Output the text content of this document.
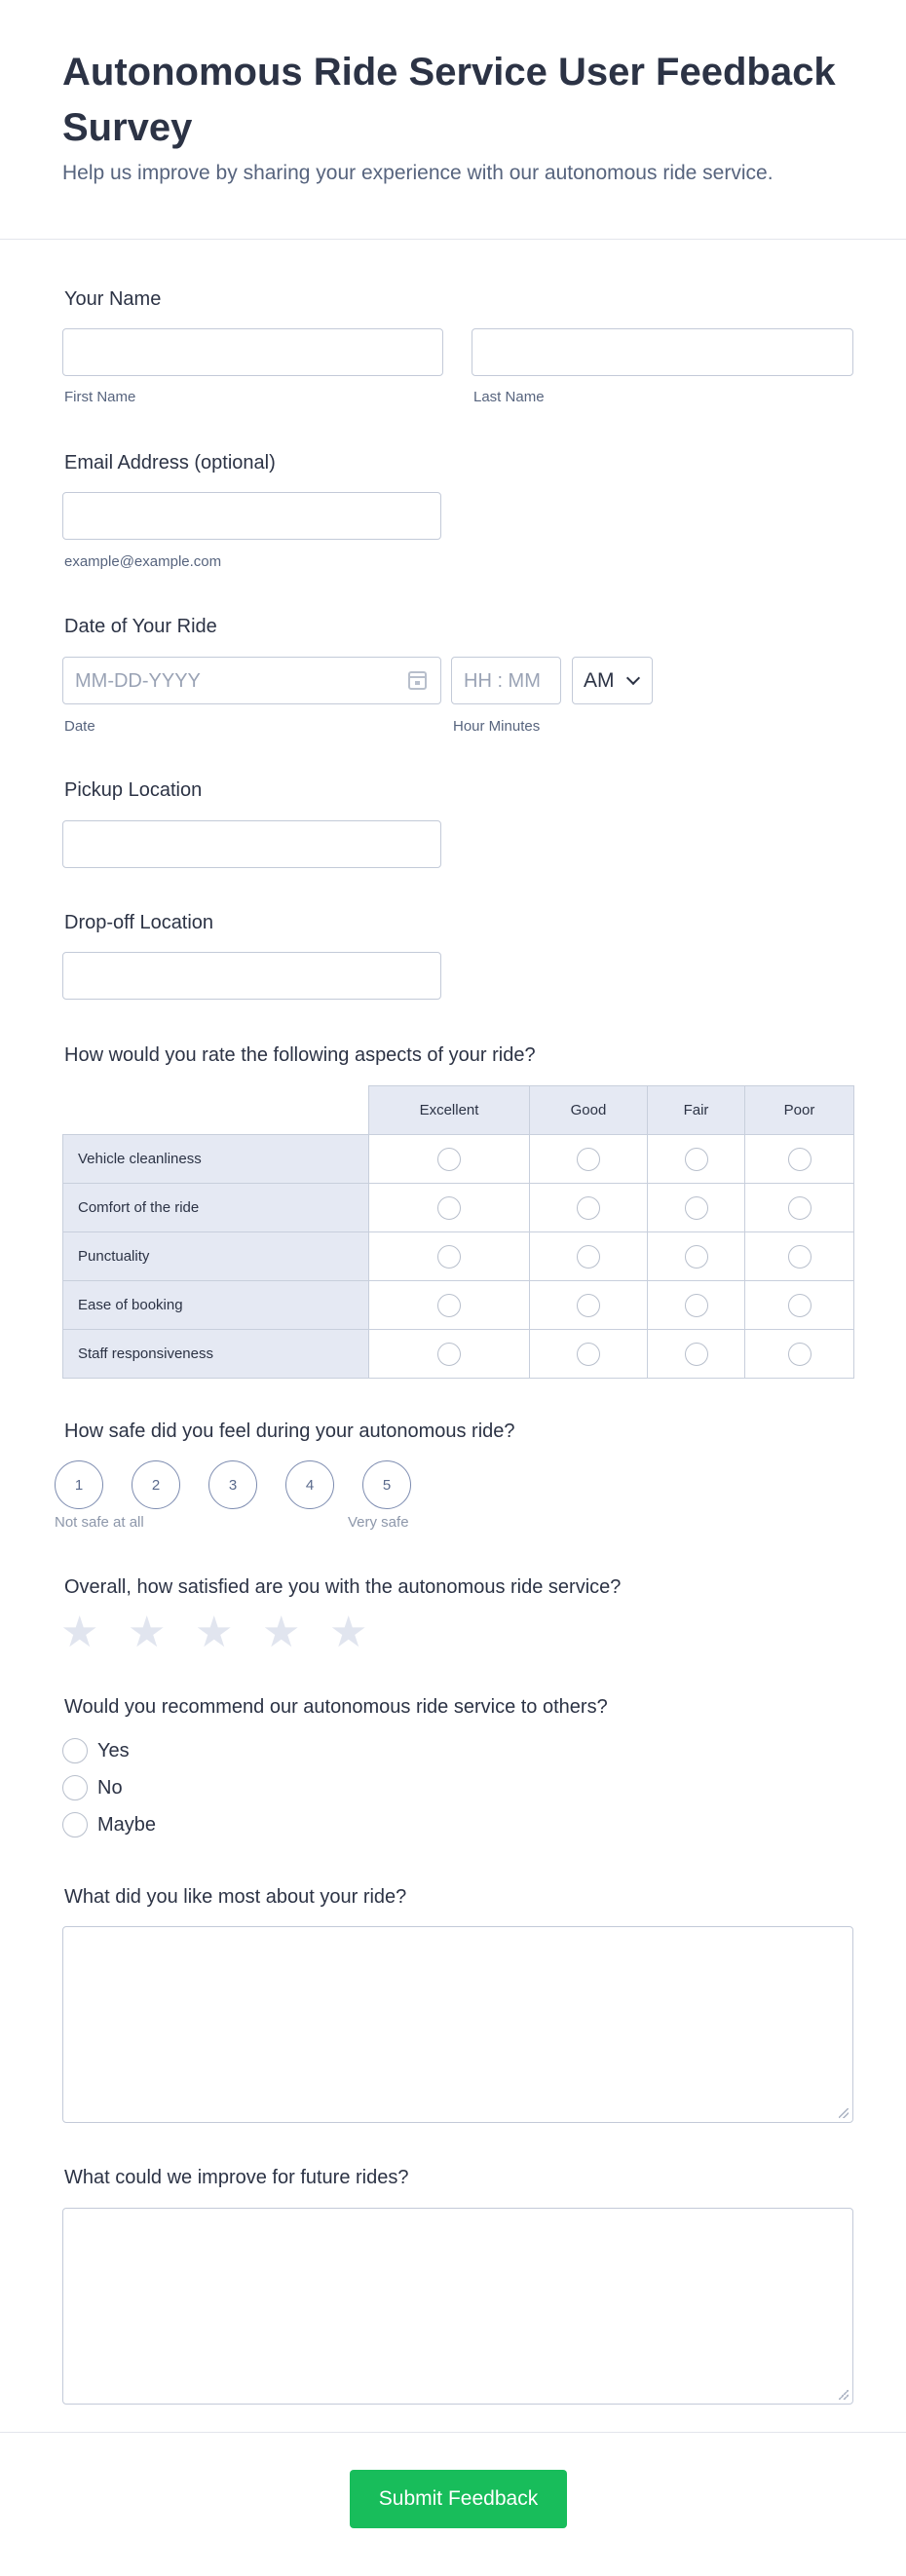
Autonomous Ride Service User Feedback Survey

Help us improve by sharing your experience with our autonomous ride service.

Your Name
First Name	Last Name
Email Address (optional)
example@example.com
Date of Your Ride
MM-DD-YYYY	HH : MM AM
Date	Hour Minutes
Pickup Location
Drop-off Location
How would you rate the following aspects of your ride?
	Excellent	Good	Fair	Poor
Vehicle cleanliness				
Comfort of the ride				
Punctuality				
Ease of booking				
Staff responsiveness				
How safe did you feel during your autonomous ride?
1	2	3	4	5
Not safe at all	Very safe
Overall, how satisfied are you with the autonomous ride service?
★ ★ ★ ★ ★
Would you recommend our autonomous ride service to others?
Yes
No
Maybe
What did you like most about your ride?
What could we improve for future rides?
Submit Feedback
